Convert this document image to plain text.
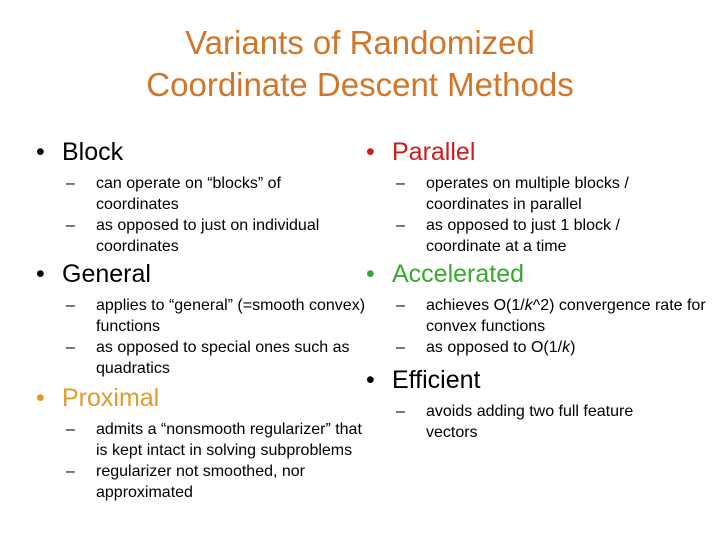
Variants of Randomized
Coordinate Descent Methods

• Block

– can operate on “blocks” of coordinates
– as opposed to just on individual coordinates

• General

– applies to “general” (=smooth convex) functions
– as opposed to special ones such as quadratics

• Proximal

– admits a “nonsmooth regularizer” that is kept intact in solving subproblems
– regularizer not smoothed, nor approximated

• Parallel

– operates on multiple blocks / coordinates in parallel
– as opposed to just 1 block / coordinate at a time

• Accelerated

– achieves O(1/k^2) convergence rate for convex functions
– as opposed to O(1/k)

• Efficient

– avoids adding two full feature vectors
